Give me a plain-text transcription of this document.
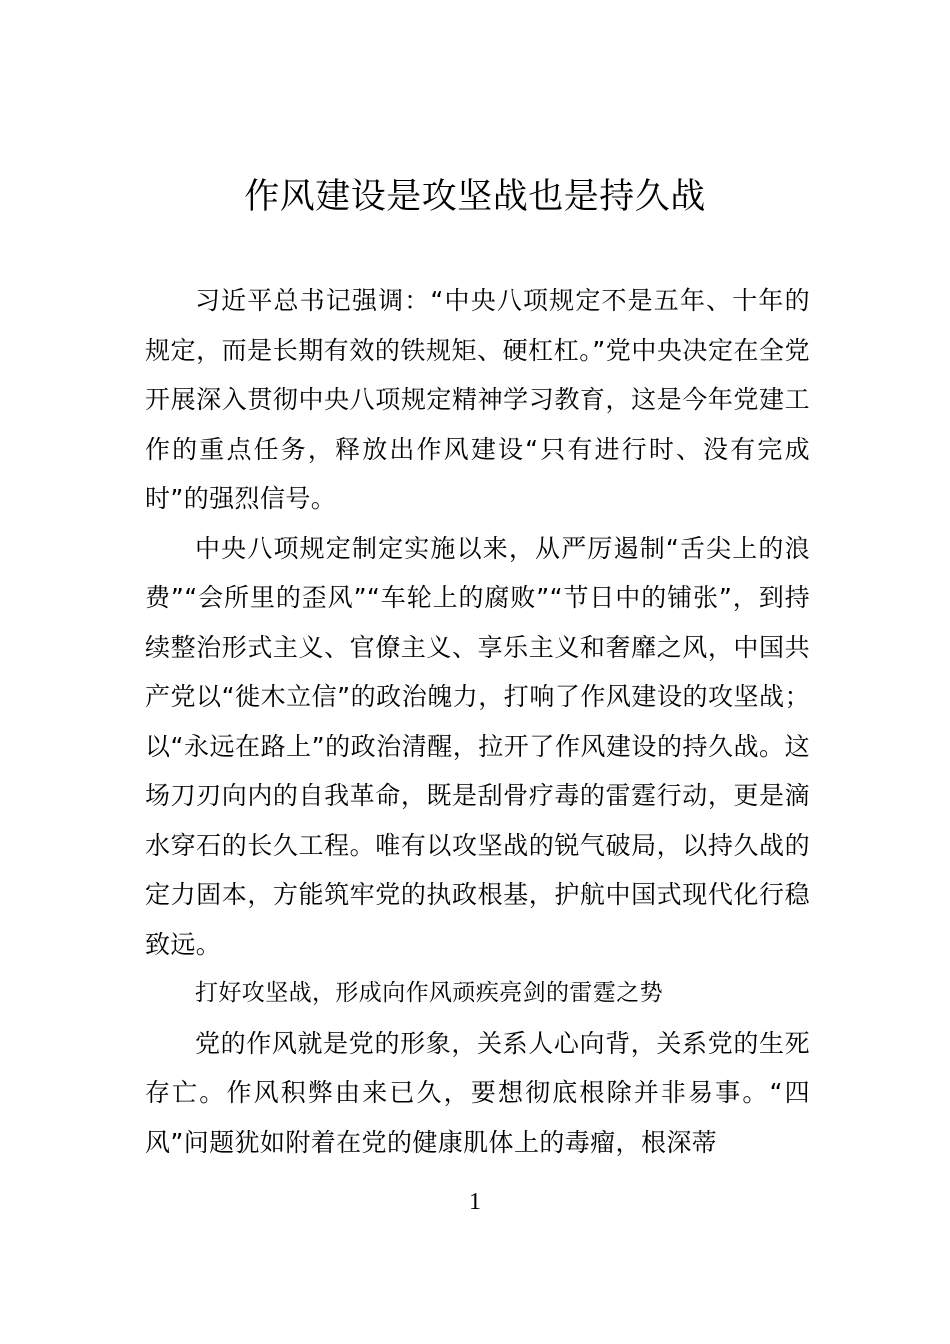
作风建设是攻坚战也是持久战

习近平总书记强调：“中央八项规定不是五年、十年的规定，而是长期有效的铁规矩、硬杠杠。”党中央决定在全党开展深入贯彻中央八项规定精神学习教育，这是今年党建工作的重点任务，释放出作风建设“只有进行时、没有完成时”的强烈信号。

中央八项规定制定实施以来，从严厉遏制“舌尖上的浪费”“会所里的歪风”“车轮上的腐败”“节日中的铺张”，到持续整治形式主义、官僚主义、享乐主义和奢靡之风，中国共产党以“徙木立信”的政治魄力，打响了作风建设的攻坚战；以“永远在路上”的政治清醒，拉开了作风建设的持久战。这场刀刃向内的自我革命，既是刮骨疗毒的雷霆行动，更是滴水穿石的长久工程。唯有以攻坚战的锐气破局，以持久战的定力固本，方能筑牢党的执政根基，护航中国式现代化行稳致远。

打好攻坚战，形成向作风顽疾亮剑的雷霆之势

党的作风就是党的形象，关系人心向背，关系党的生死存亡。作风积弊由来已久，要想彻底根除并非易事。“四风”问题犹如附着在党的健康肌体上的毒瘤，根深蒂

1
